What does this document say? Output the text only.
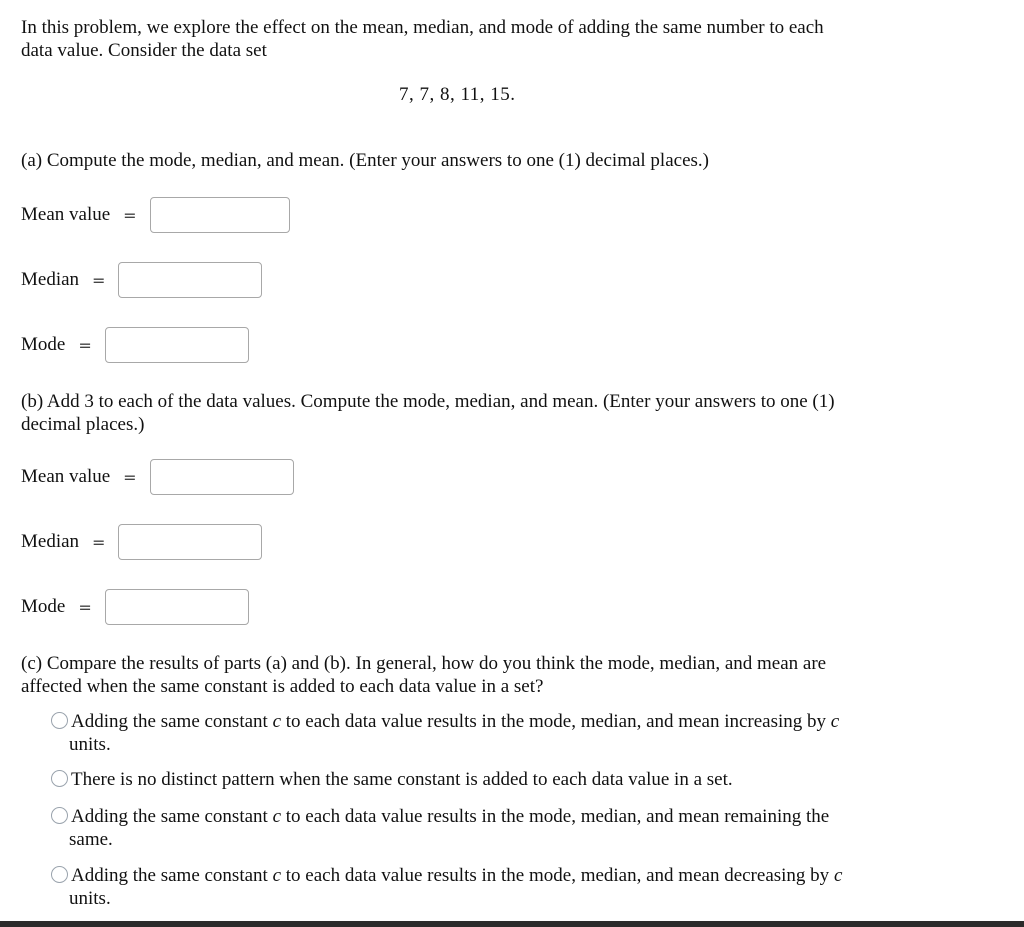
In this problem, we explore the effect on the mean, median, and mode of adding the same number to each
data value. Consider the data set
7, 7, 8, 11, 15.
(a) Compute the mode, median, and mean. (Enter your answers to one (1) decimal places.)
Mean value =
Median =
Mode =
(b) Add 3 to each of the data values. Compute the mode, median, and mean. (Enter your answers to one (1)
decimal places.)
Mean value =
Median =
Mode =
(c) Compare the results of parts (a) and (b). In general, how do you think the mode, median, and mean are
affected when the same constant is added to each data value in a set?
Adding the same constant c to each data value results in the mode, median, and mean increasing by c
units.
There is no distinct pattern when the same constant is added to each data value in a set.
Adding the same constant c to each data value results in the mode, median, and mean remaining the
same.
Adding the same constant c to each data value results in the mode, median, and mean decreasing by c
units.
